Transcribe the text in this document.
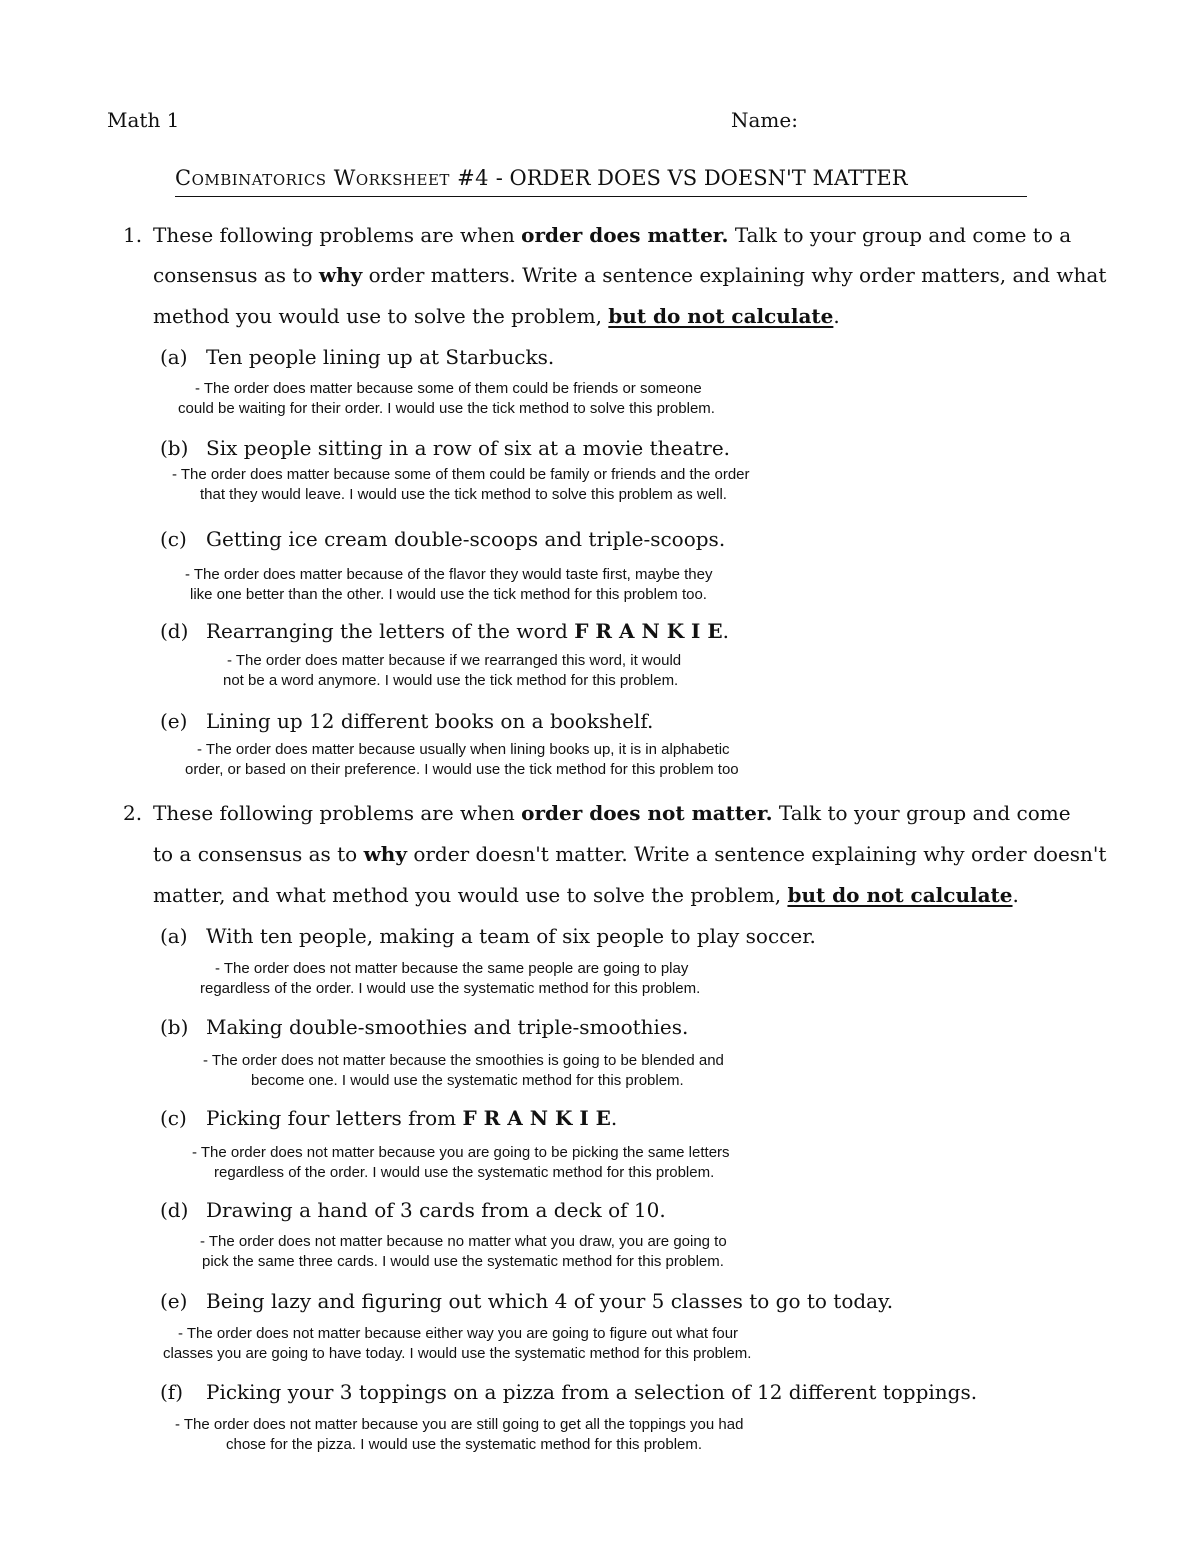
Math 1	Name:
Combinatorics Worksheet #4 - ORDER DOES VS DOESN'T MATTER
1. These following problems are when order does matter. Talk to your group and come to a
consensus as to why order matters. Write a sentence explaining why order matters, and what
method you would use to solve the problem, but do not calculate.
(a) Ten people lining up at Starbucks.
- The order does matter because some of them could be friends or someone
could be waiting for their order. I would use the tick method to solve this problem.
(b) Six people sitting in a row of six at a movie theatre.
- The order does matter because some of them could be family or friends and the order
that they would leave. I would use the tick method to solve this problem as well.
(c) Getting ice cream double-scoops and triple-scoops.
- The order does matter because of the flavor they would taste first, maybe they
like one better than the other. I would use the tick method for this problem too.
(d) Rearranging the letters of the word F R A N K I E.
- The order does matter because if we rearranged this word, it would
not be a word anymore. I would use the tick method for this problem.
(e) Lining up 12 different books on a bookshelf.
- The order does matter because usually when lining books up, it is in alphabetic
order, or based on their preference. I would use the tick method for this problem too
2. These following problems are when order does not matter. Talk to your group and come
to a consensus as to why order doesn't matter. Write a sentence explaining why order doesn't
matter, and what method you would use to solve the problem, but do not calculate.
(a) With ten people, making a team of six people to play soccer.
- The order does not matter because the same people are going to play
regardless of the order. I would use the systematic method for this problem.
(b) Making double-smoothies and triple-smoothies.
- The order does not matter because the smoothies is going to be blended and
become one. I would use the systematic method for this problem.
(c) Picking four letters from F R A N K I E.
- The order does not matter because you are going to be picking the same letters
regardless of the order. I would use the systematic method for this problem.
(d) Drawing a hand of 3 cards from a deck of 10.
- The order does not matter because no matter what you draw, you are going to
pick the same three cards. I would use the systematic method for this problem.
(e) Being lazy and figuring out which 4 of your 5 classes to go to today.
- The order does not matter because either way you are going to figure out what four
classes you are going to have today. I would use the systematic method for this problem.
(f) Picking your 3 toppings on a pizza from a selection of 12 different toppings.
- The order does not matter because you are still going to get all the toppings you had
chose for the pizza. I would use the systematic method for this problem.
